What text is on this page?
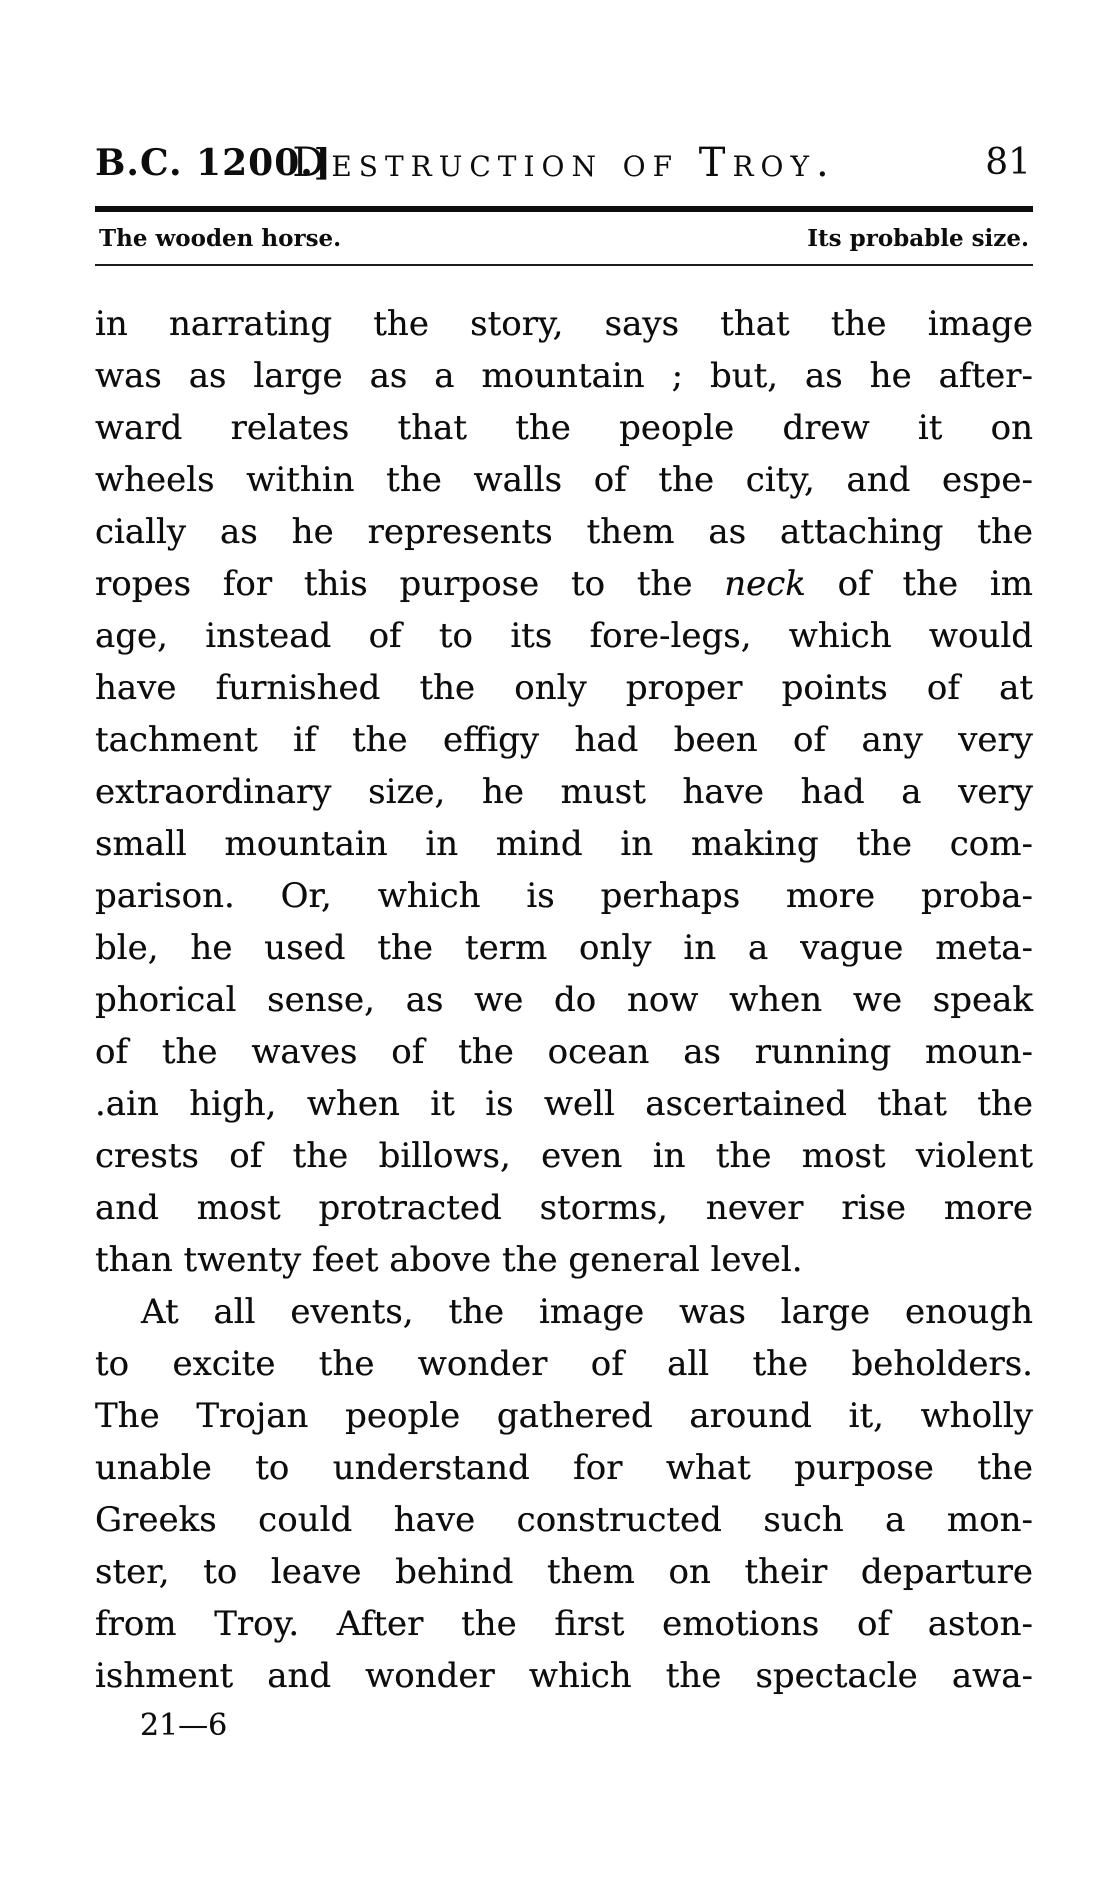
B.C. 1200.]
Destruction of Troy.	81
The wooden horse.	Its probable size.
in narrating the story, says that the image
was as large as a mountain ; but, as he after-
ward relates that the people drew it on
wheels within the walls of the city, and espe-
cially as he represents them as attaching the
ropes for this purpose to the neck of the im
age, instead of to its fore-legs, which would
have furnished the only proper points of at
tachment if the effigy had been of any very
extraordinary size, he must have had a very
small mountain in mind in making the com-
parison. Or, which is perhaps more proba-
ble, he used the term only in a vague meta-
phorical sense, as we do now when we speak
of the waves of the ocean as running moun-
.ain high, when it is well ascertained that the
crests of the billows, even in the most violent
and most protracted storms, never rise more
than twenty feet above the general level.
At all events, the image was large enough
to excite the wonder of all the beholders.
The Trojan people gathered around it, wholly
unable to understand for what purpose the
Greeks could have constructed such a mon-
ster, to leave behind them on their departure
from Troy. After the first emotions of aston-
ishment and wonder which the spectacle awa-
21—6
